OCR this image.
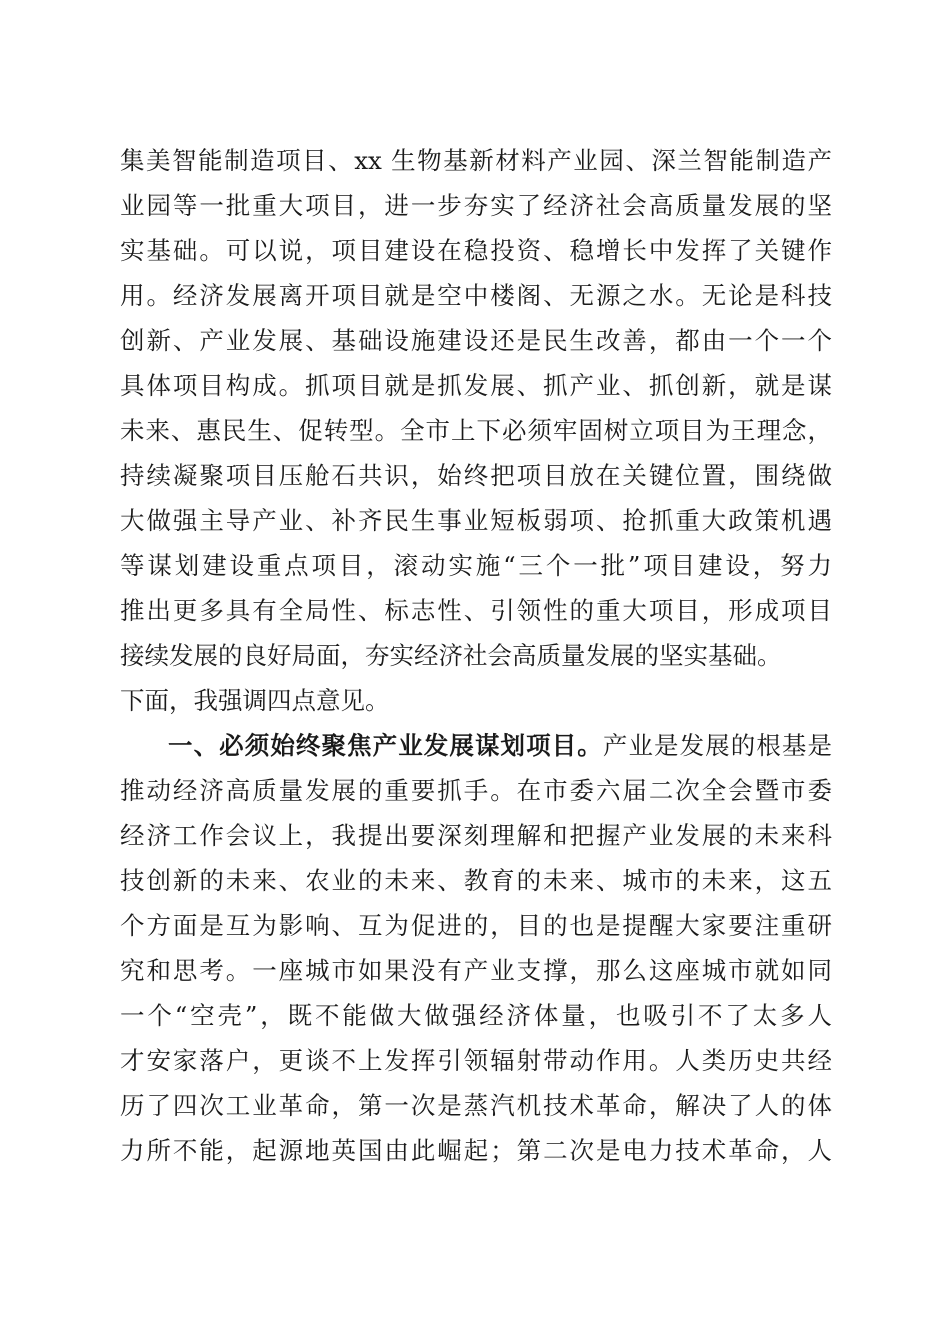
集美智能制造项目、xx 生物基新材料产业园、深兰智能制造产
业园等一批重大项目，进一步夯实了经济社会高质量发展的坚
实基础。可以说，项目建设在稳投资、稳增长中发挥了关键作
用。经济发展离开项目就是空中楼阁、无源之水。无论是科技
创新、产业发展、基础设施建设还是民生改善，都由一个一个
具体项目构成。抓项目就是抓发展、抓产业、抓创新，就是谋
未来、惠民生、促转型。全市上下必须牢固树立项目为王理念，
持续凝聚项目压舱石共识，始终把项目放在关键位置，围绕做
大做强主导产业、补齐民生事业短板弱项、抢抓重大政策机遇
等谋划建设重点项目，滚动实施“三个一批”项目建设，努力
推出更多具有全局性、标志性、引领性的重大项目，形成项目
接续发展的良好局面，夯实经济社会高质量发展的坚实基础。
下面，我强调四点意见。
一、必须始终聚焦产业发展谋划项目。产业是发展的根基是
推动经济高质量发展的重要抓手。在市委六届二次全会暨市委
经济工作会议上，我提出要深刻理解和把握产业发展的未来科
技创新的未来、农业的未来、教育的未来、城市的未来，这五
个方面是互为影响、互为促进的，目的也是提醒大家要注重研
究和思考。一座城市如果没有产业支撑，那么这座城市就如同
一个“空壳”，既不能做大做强经济体量，也吸引不了太多人
才安家落户，更谈不上发挥引领辐射带动作用。人类历史共经
历了四次工业革命，第一次是蒸汽机技术革命，解决了人的体
力所不能，起源地英国由此崛起；第二次是电力技术革命，人
